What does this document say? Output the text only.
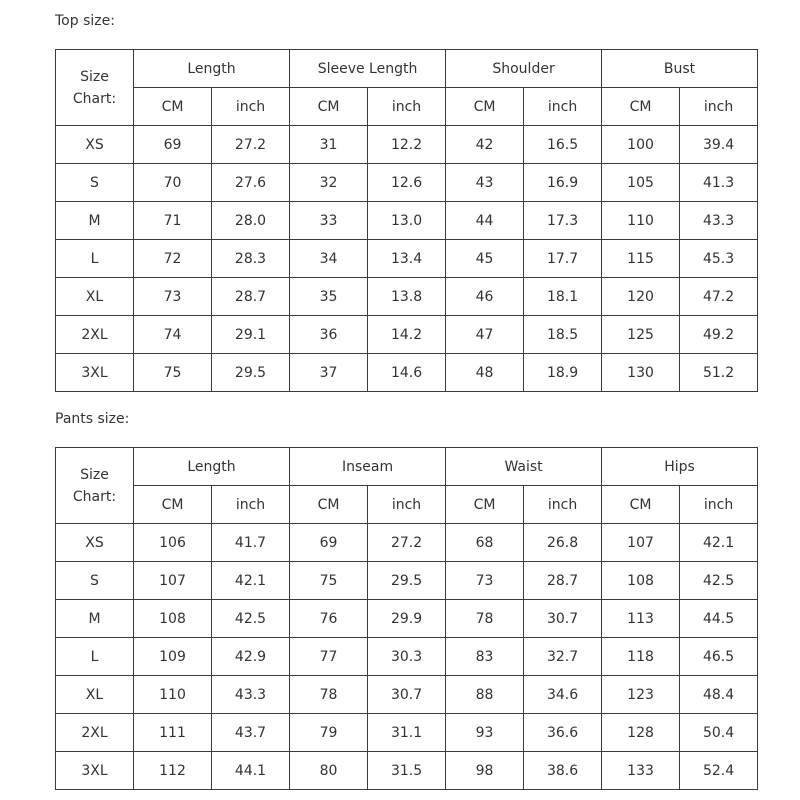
Top size:
Size
Chart:	Length		Sleeve Length		Shoulder		Bust	
	CM	inch	CM	inch	CM	inch	CM	inch
XS	69	27.2	31	12.2	42	16.5	100	39.4
S	70	27.6	32	12.6	43	16.9	105	41.3
M	71	28.0	33	13.0	44	17.3	110	43.3
L	72	28.3	34	13.4	45	17.7	115	45.3
XL	73	28.7	35	13.8	46	18.1	120	47.2
2XL	74	29.1	36	14.2	47	18.5	125	49.2
3XL	75	29.5	37	14.6	48	18.9	130	51.2
Pants size:
Size
Chart:	Length		Inseam		Waist		Hips	
	CM	inch	CM	inch	CM	inch	CM	inch
XS	106	41.7	69	27.2	68	26.8	107	42.1
S	107	42.1	75	29.5	73	28.7	108	42.5
M	108	42.5	76	29.9	78	30.7	113	44.5
L	109	42.9	77	30.3	83	32.7	118	46.5
XL	110	43.3	78	30.7	88	34.6	123	48.4
2XL	111	43.7	79	31.1	93	36.6	128	50.4
3XL	112	44.1	80	31.5	98	38.6	133	52.4
